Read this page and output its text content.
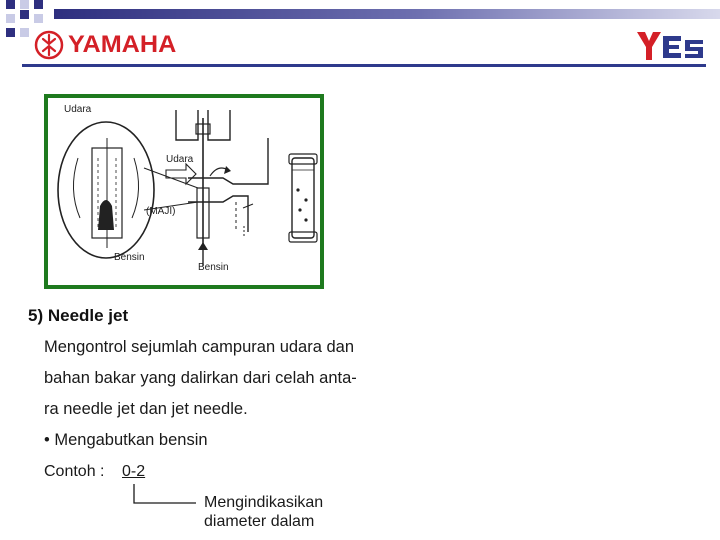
YAMAHA
YES
Udara
Udara
(MAJI)
Bensin
Bensin
5) Needle jet
Mengontrol sejumlah campuran udara dan
bahan bakar yang dalirkan dari celah anta-
ra needle jet dan jet needle.
• Mengabutkan bensin
Contoh : 0-2
Mengindikasikan
diameter dalam
